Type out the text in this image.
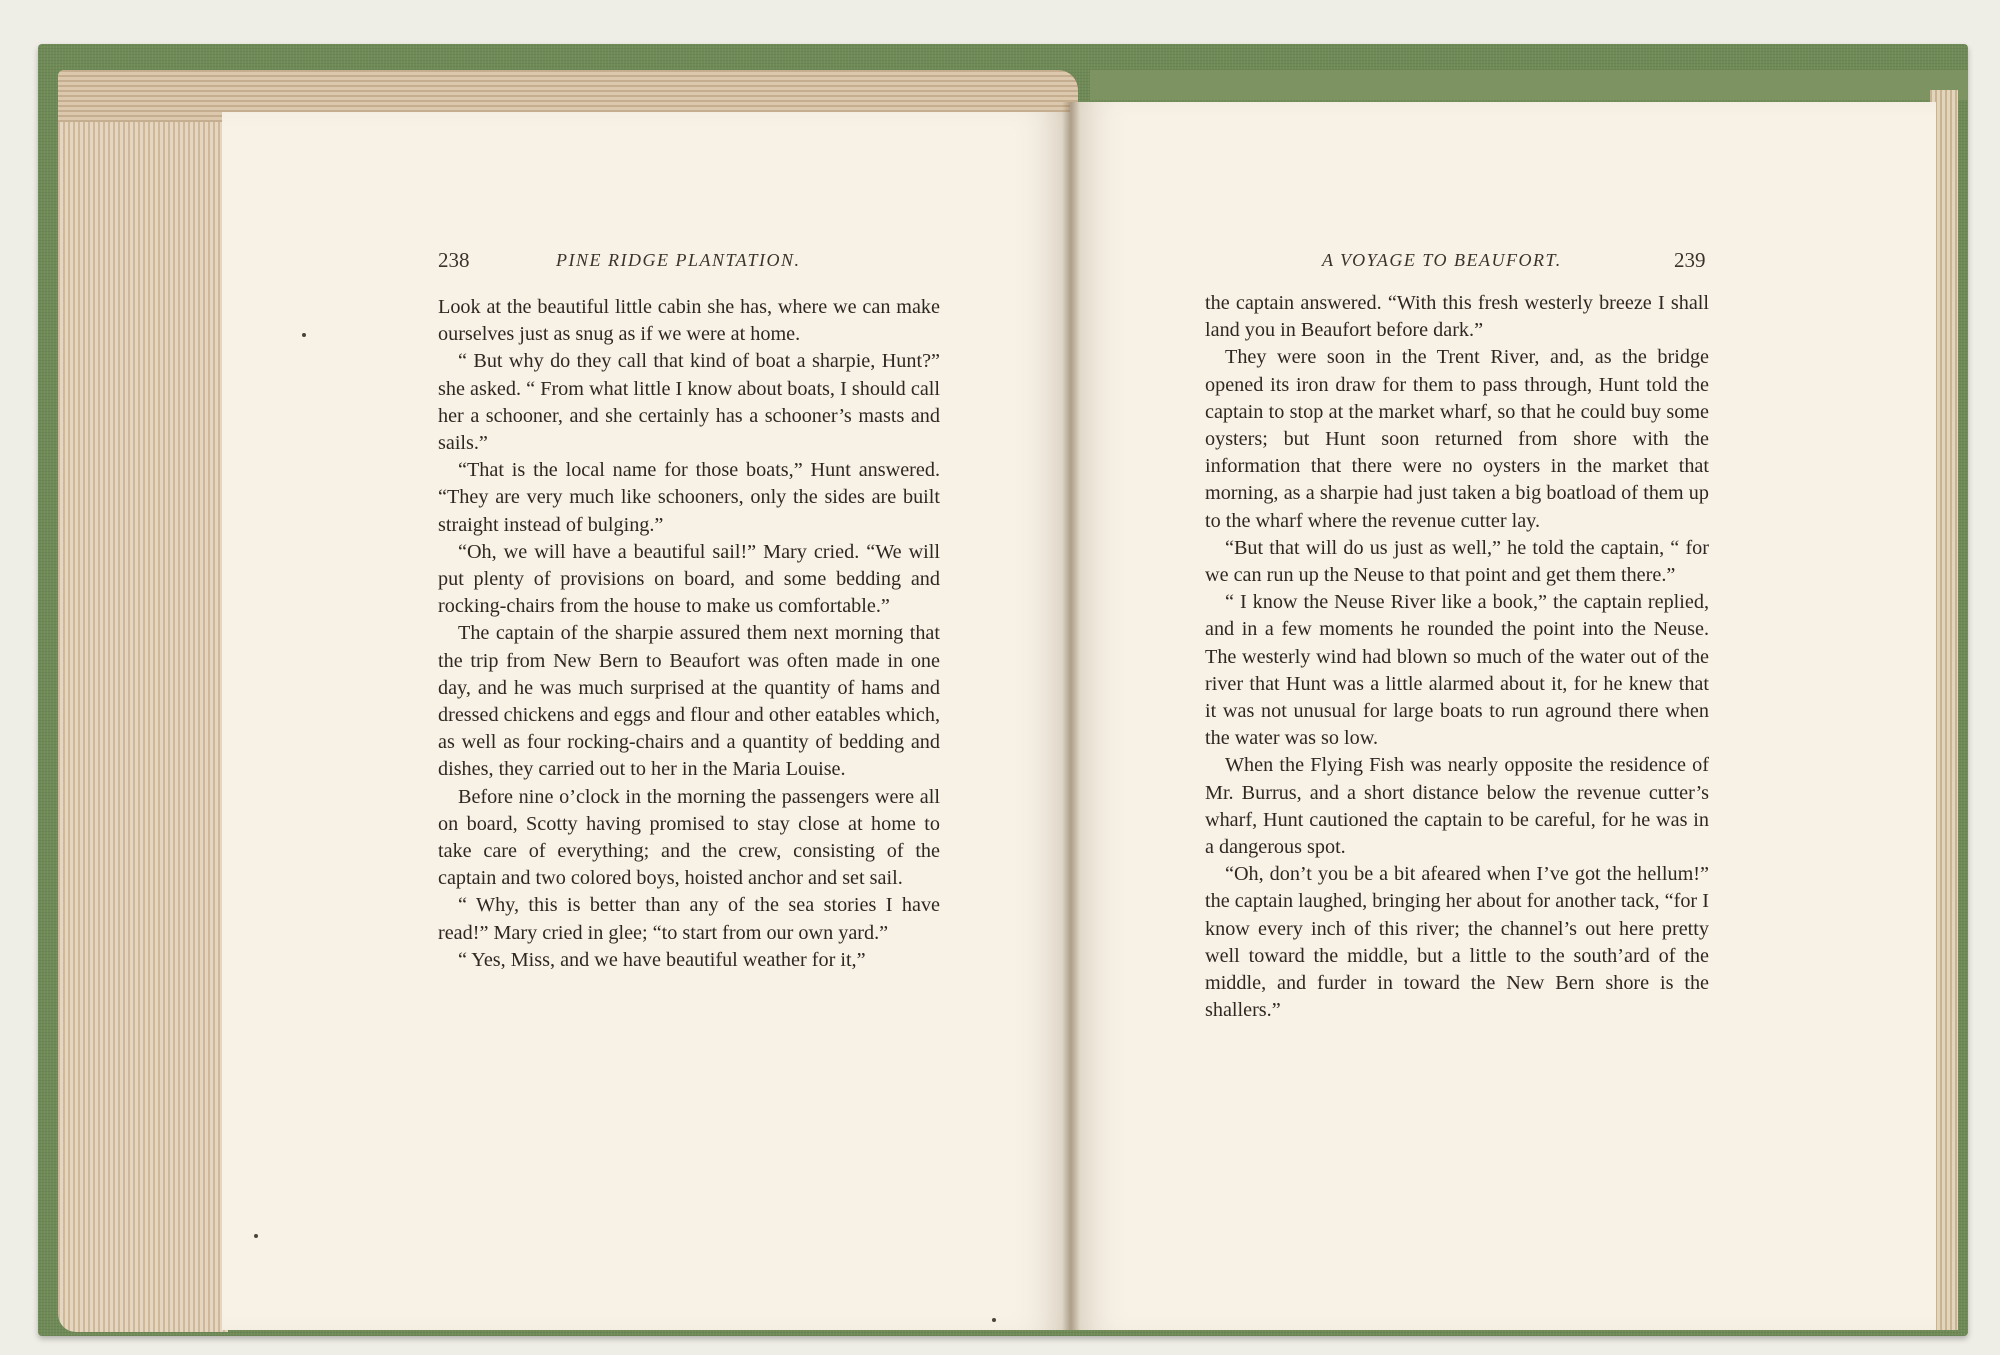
238	PINE RIDGE PLANTATION.	A VOYAGE TO BEAUFORT.	239

Look at the beautiful little cabin she has, where we can make ourselves just as snug as if we were at home.

“ But why do they call that kind of boat a sharpie, Hunt?” she asked. “ From what little I know about boats, I should call her a schooner, and she certainly has a schooner’s masts and sails.”

“That is the local name for those boats,” Hunt answered. “They are very much like schooners, only the sides are built straight instead of bulging.”

“Oh, we will have a beautiful sail!” Mary cried. “We will put plenty of provisions on board, and some bedding and rocking-chairs from the house to make us comfortable.”

The captain of the sharpie assured them next morning that the trip from New Bern to Beaufort was often made in one day, and he was much surprised at the quantity of hams and dressed chickens and eggs and flour and other eatables which, as well as four rocking-chairs and a quantity of bedding and dishes, they carried out to her in the Maria Louise.

Before nine o’clock in the morning the passengers were all on board, Scotty having promised to stay close at home to take care of everything; and the crew, consisting of the captain and two colored boys, hoisted anchor and set sail.

“ Why, this is better than any of the sea stories I have read!” Mary cried in glee; “to start from our own yard.”

“ Yes, Miss, and we have beautiful weather for it,”

the captain answered. “With this fresh westerly breeze I shall land you in Beaufort before dark.”

They were soon in the Trent River, and, as the bridge opened its iron draw for them to pass through, Hunt told the captain to stop at the market wharf, so that he could buy some oysters; but Hunt soon returned from shore with the information that there were no oysters in the market that morning, as a sharpie had just taken a big boatload of them up to the wharf where the revenue cutter lay.

“But that will do us just as well,” he told the captain, “ for we can run up the Neuse to that point and get them there.”

“ I know the Neuse River like a book,” the captain replied, and in a few moments he rounded the point into the Neuse. The westerly wind had blown so much of the water out of the river that Hunt was a little alarmed about it, for he knew that it was not unusual for large boats to run aground there when the water was so low.

When the Flying Fish was nearly opposite the residence of Mr. Burrus, and a short distance below the revenue cutter’s wharf, Hunt cautioned the captain to be careful, for he was in a dangerous spot.

“Oh, don’t you be a bit afeared when I’ve got the hellum!” the captain laughed, bringing her about for another tack, “for I know every inch of this river; the channel’s out here pretty well toward the middle, but a little to the south’ard of the middle, and furder in toward the New Bern shore is the shallers.”
